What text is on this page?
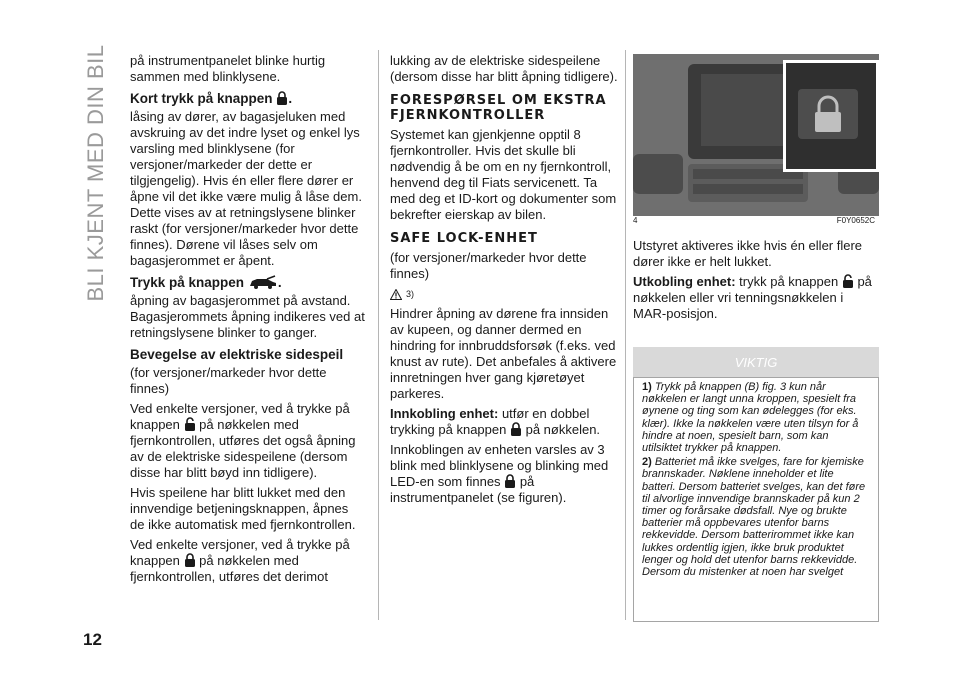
BLI KJENT MED DIN BIL
12

på instrumentpanelet blinke hurtig sammen med blinklysene.

Kort trykk på knappen .

låsing av dører, av bagasjeluken med avskruing av det indre lyset og enkel lys varsling med blinklysene (for versjoner/markeder der dette er tilgjengelig). Hvis én eller flere dører er åpne vil det ikke være mulig å låse dem. Dette vises av at retningslysene blinker raskt (for versjoner/markeder hvor dette finnes). Dørene vil låses selv om bagasjerommet er åpent.

Trykk på knappen	.

åpning av bagasjerommet på avstand. Bagasjerommets åpning indikeres ved at retningslysene blinker to ganger.

Bevegelse av elektriske sidespeil

(for versjoner/markeder hvor dette finnes)

Ved enkelte versjoner, ved å trykke på knappen på nøkkelen med fjernkontrollen, utføres det også åpning av de elektriske sidespeilene (dersom disse har blitt bøyd inn tidligere).

Hvis speilene har blitt lukket med den innvendige betjeningsknappen, åpnes de ikke automatisk med fjernkontrollen.

Ved enkelte versjoner, ved å trykke på knappen på nøkkelen med fjernkontrollen, utføres det derimot

lukking av de elektriske sidespeilene (dersom disse har blitt åpning tidligere).

FORESPØRSEL OM EKSTRA FJERNKONTROLLER

Systemet kan gjenkjenne opptil 8 fjernkontroller. Hvis det skulle bli nødvendig å be om en ny fjernkontroll, henvend deg til Fiats servicenett. Ta med deg et ID-kort og dokumenter som bekrefter eierskap av bilen.

SAFE LOCK-ENHET

(for versjoner/markeder hvor dette finnes)

3)

Hindrer åpning av dørene fra innsiden av kupeen, og danner dermed en hindring for innbruddsforsøk (f.eks. ved knust av rute). Det anbefales å aktivere innretningen hver gang kjøretøyet parkeres.

Innkobling enhet: utfør en dobbel trykking på knappen på nøkkelen.

Innkoblingen av enheten varsles av 3 blink med blinklysene og blinking med LED-en som finnes på instrumentpanelet (se figuren).

4	F0Y0652C

Utstyret aktiveres ikke hvis én eller flere dører ikke er helt lukket.

Utkobling enhet: trykk på knappen på nøkkelen eller vri tenningsnøkkelen i MAR-posisjon.

VIKTIG
1) Trykk på knappen (B) fig. 3 kun når nøkkelen er langt unna kroppen, spesielt fra øynene og ting som kan ødelegges (for eks. klær). Ikke la nøkkelen være uten tilsyn for å hindre at noen, spesielt barn, som kan utilsiktet trykker på knappen.
2) Batteriet må ikke svelges, fare for kjemiske brannskader. Nøklene inneholder et lite batteri. Dersom batteriet svelges, kan det føre til alvorlige innvendige brannskader på kun 2 timer og forårsake dødsfall. Nye og brukte batterier må oppbevares utenfor barns rekkevidde. Dersom batterirommet ikke kan lukkes ordentlig igjen, ikke bruk produktet lenger og hold det utenfor barns rekkevidde. Dersom du mistenker at noen har svelget
